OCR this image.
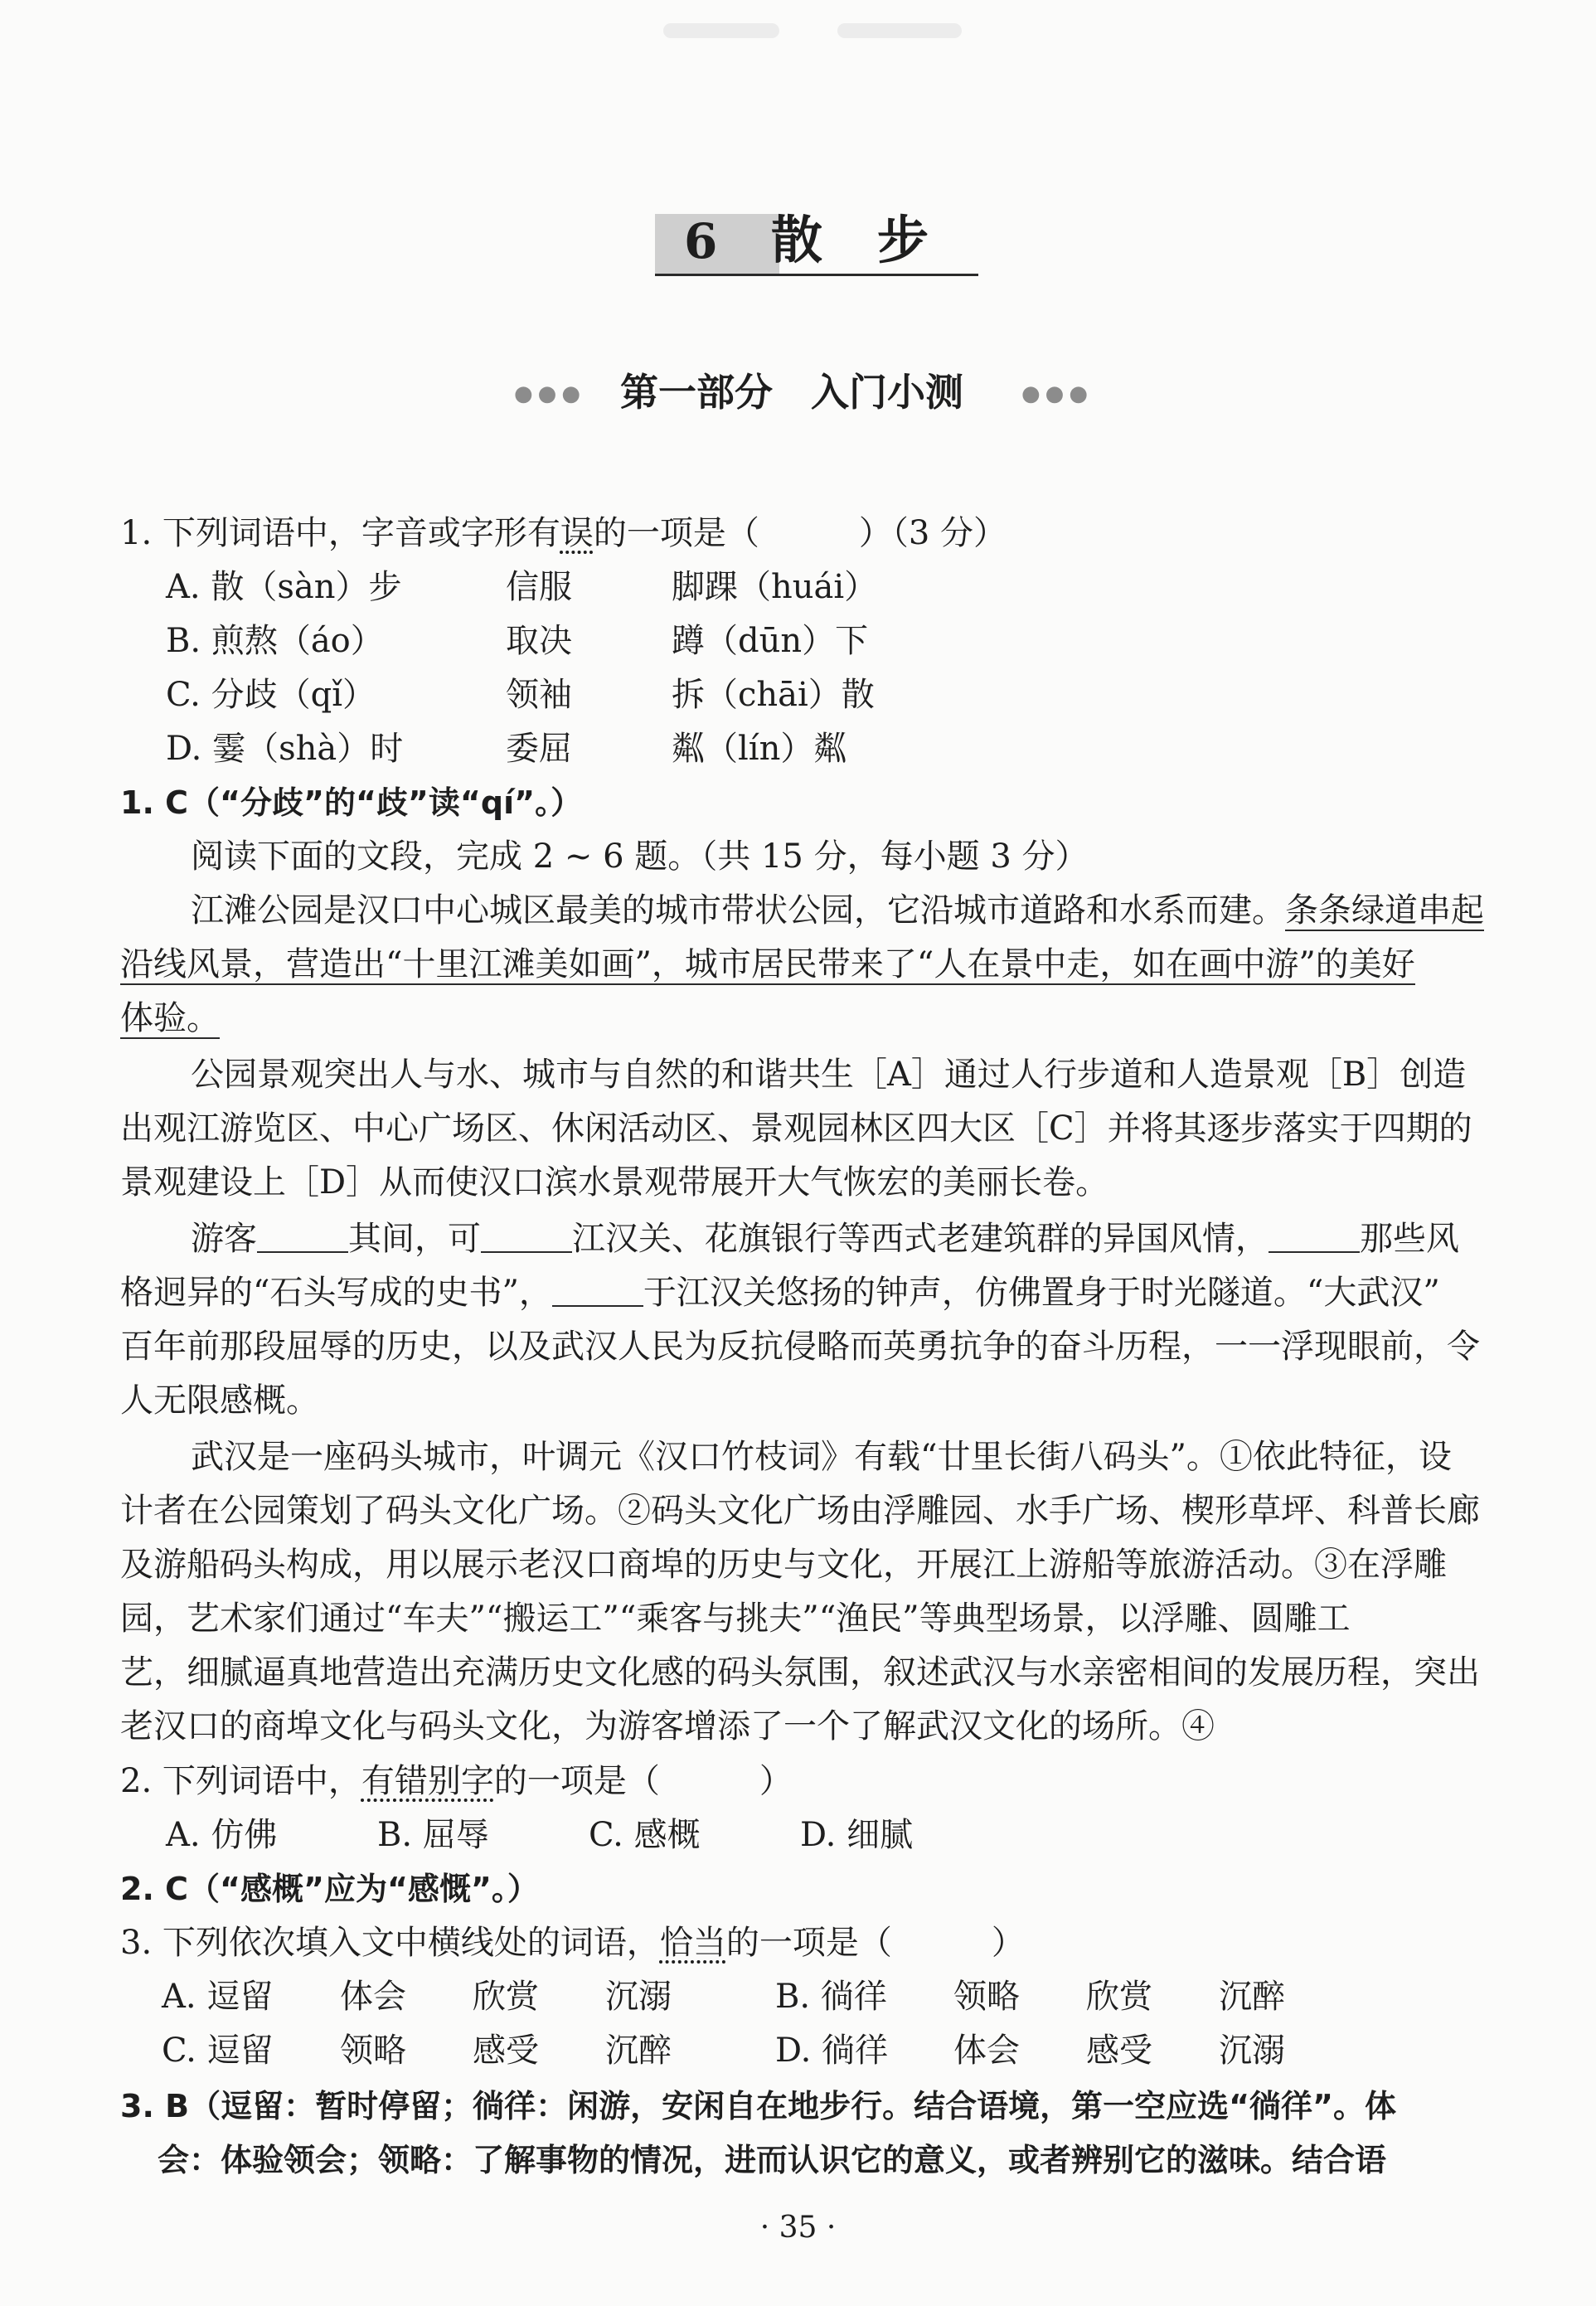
6 散 步
●●● 第一部分　入门小测	●●●
1. 下列词语中，字音或字形有误的一项是（　　　）（3 分）
A. 散（sàn）步	信服	脚踝（huái）
B. 煎熬（áo）	取决	蹲（dūn）下
C. 分歧（qǐ）	领袖	拆（chāi）散
D. 霎（shà）时	委屈	粼（lín）粼
1. C（“分歧”的“歧”读“qí”。）
阅读下面的文段，完成 2 ~ 6 题。（共 15 分，每小题 3 分）
江滩公园是汉口中心城区最美的城市带状公园，它沿城市道路和水系而建。条条绿道串起
沿线风景，营造出“十里江滩美如画”，城市居民带来了“人在景中走，如在画中游”的美好
体验。
公园景观突出人与水、城市与自然的和谐共生［A］通过人行步道和人造景观［B］创造
出观江游览区、中心广场区、休闲活动区、景观园林区四大区［C］并将其逐步落实于四期的
景观建设上［D］从而使汉口滨水景观带展开大气恢宏的美丽长卷。
游客	其间，可	江汉关、花旗银行等西式老建筑群的异国风情，	那些风
格迥异的“石头写成的史书”，	于江汉关悠扬的钟声，仿佛置身于时光隧道。“大武汉”
百年前那段屈辱的历史，以及武汉人民为反抗侵略而英勇抗争的奋斗历程，一一浮现眼前，令
人无限感概。
武汉是一座码头城市，叶调元《汉口竹枝词》有载“廿里长街八码头”。①依此特征，设
计者在公园策划了码头文化广场。②码头文化广场由浮雕园、水手广场、楔形草坪、科普长廊
及游船码头构成，用以展示老汉口商埠的历史与文化，开展江上游船等旅游活动。③在浮雕
园，艺术家们通过“车夫”“搬运工”“乘客与挑夫”“渔民”等典型场景，以浮雕、圆雕工
艺，细腻逼真地营造出充满历史文化感的码头氛围，叙述武汉与水亲密相间的发展历程，突出
老汉口的商埠文化与码头文化，为游客增添了一个了解武汉文化的场所。④
2. 下列词语中，有错别字的一项是（　　　）
A. 仿佛	B. 屈辱	C. 感概	D. 细腻
2. C（“感概”应为“感慨”。）
3. 下列依次填入文中横线处的词语，恰当的一项是（　　　）
A. 逗留 体会 欣赏 沉溺	B. 徜徉 领略 欣赏 沉醉
C. 逗留 领略 感受 沉醉	D. 徜徉 体会 感受 沉溺
3. B（逗留：暂时停留；徜徉：闲游，安闲自在地步行。结合语境，第一空应选“徜徉”。体
会：体验领会；领略：了解事物的情况，进而认识它的意义，或者辨别它的滋味。结合语
· 35 ·
